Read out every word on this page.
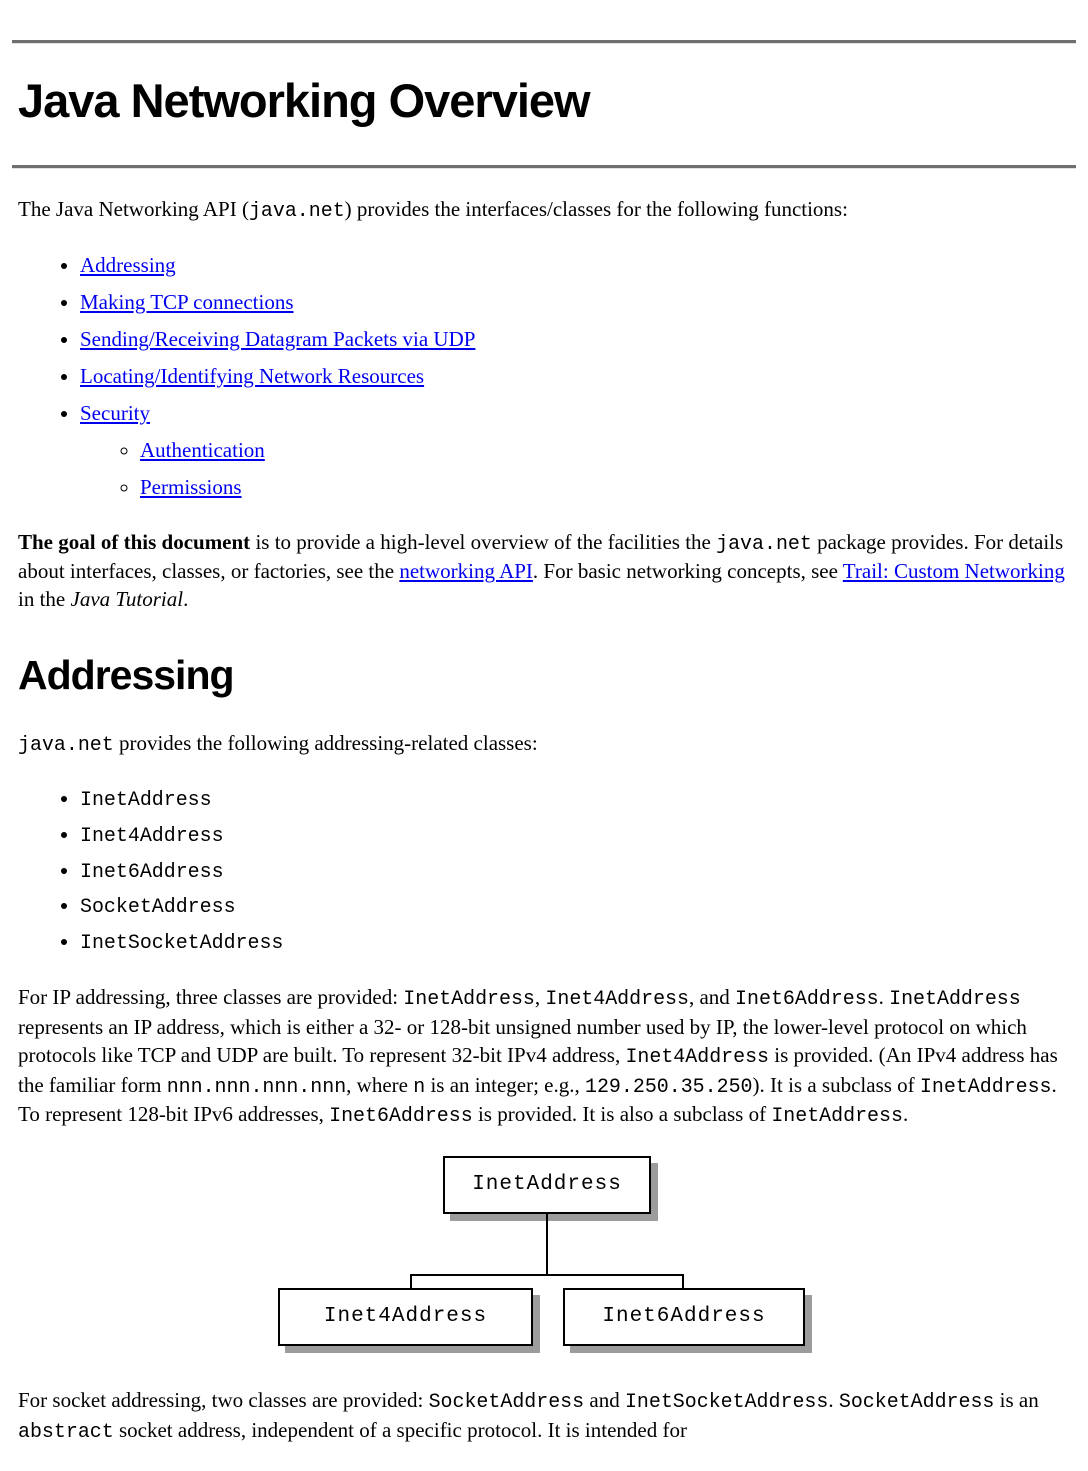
Java Networking Overview

The Java Networking API (java.net) provides the interfaces/classes for the following functions:

• Addressing
• Making TCP connections
• Sending/Receiving Datagram Packets via UDP
• Locating/Identifying Network Resources
• Security
◦ Authentication
◦ Permissions

The goal of this document is to provide a high-level overview of the facilities the java.net package provides. For details about interfaces, classes, or factories, see the networking API. For basic networking concepts, see Trail: Custom Networking in the Java Tutorial.

Addressing

java.net provides the following addressing-related classes:

• InetAddress
• Inet4Address
• Inet6Address
• SocketAddress
• InetSocketAddress

For IP addressing, three classes are provided: InetAddress, Inet4Address, and Inet6Address. InetAddress represents an IP address, which is either a 32- or 128-bit unsigned number used by IP, the lower-level protocol on which protocols like TCP and UDP are built. To represent 32-bit IPv4 address, Inet4Address is provided. (An IPv4 address has the familiar form nnn.nnn.nnn.nnn, where n is an integer; e.g., 129.250.35.250). It is a subclass of InetAddress. To represent 128-bit IPv6 addresses, Inet6Address is provided. It is also a subclass of InetAddress.

InetAddress
Inet4Address	Inet6Address

For socket addressing, two classes are provided: SocketAddress and InetSocketAddress. SocketAddress is an abstract socket address, independent of a specific protocol. It is intended for
